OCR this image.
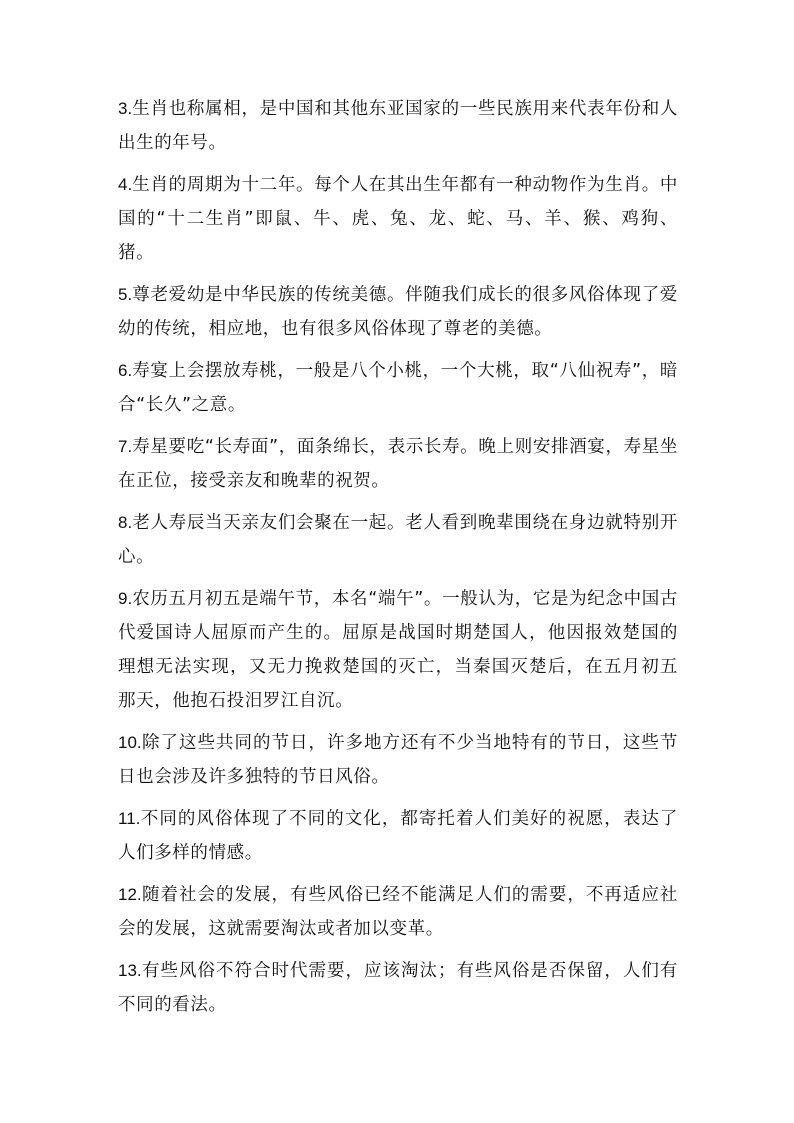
3.生肖也称属相，是中国和其他东亚国家的一些民族用来代表年份和人出生的年号。

4.生肖的周期为十二年。每个人在其出生年都有一种动物作为生肖。中国的“十二生肖”即鼠、牛、虎、兔、龙、蛇、马、羊、猴、鸡狗、猪。

5.尊老爱幼是中华民族的传统美德。伴随我们成长的很多风俗体现了爱幼的传统，相应地，也有很多风俗体现了尊老的美德。

6.寿宴上会摆放寿桃，一般是八个小桃，一个大桃，取“八仙祝寿”，暗合“长久”之意。

7.寿星要吃“长寿面”，面条绵长，表示长寿。晚上则安排酒宴，寿星坐在正位，接受亲友和晚辈的祝贺。

8.老人寿辰当天亲友们会聚在一起。老人看到晚辈围绕在身边就特别开心。

9.农历五月初五是端午节，本名“端午”。一般认为，它是为纪念中国古代爱国诗人屈原而产生的。屈原是战国时期楚国人，他因报效楚国的理想无法实现，又无力挽救楚国的灭亡，当秦国灭楚后，在五月初五那天，他抱石投汨罗江自沉。

10.除了这些共同的节日，许多地方还有不少当地特有的节日，这些节日也会涉及许多独特的节日风俗。

11.不同的风俗体现了不同的文化，都寄托着人们美好的祝愿，表达了人们多样的情感。

12.随着社会的发展，有些风俗已经不能满足人们的需要，不再适应社会的发展，这就需要淘汰或者加以变革。

13.有些风俗不符合时代需要，应该淘汰；有些风俗是否保留，人们有不同的看法。
